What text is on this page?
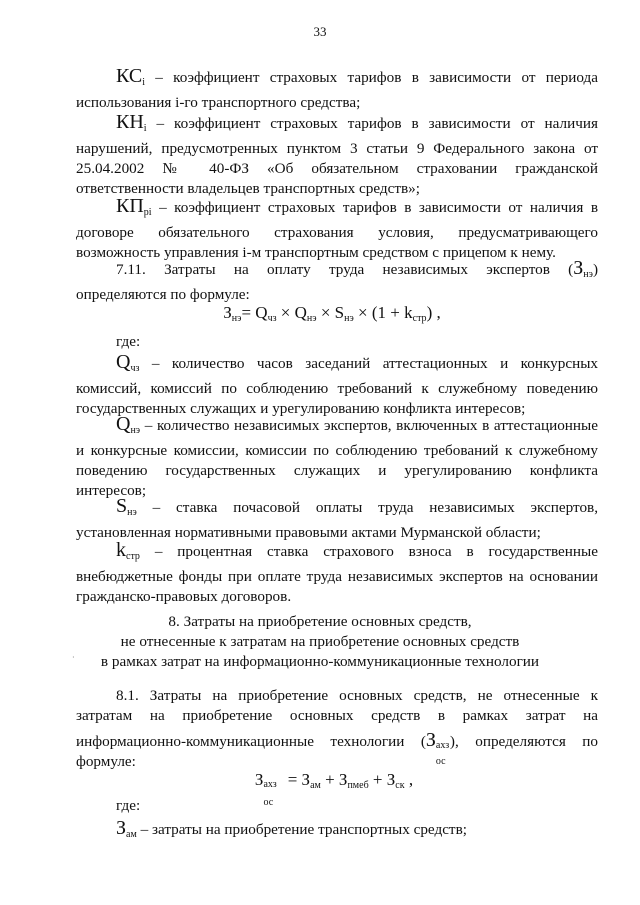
33
$КС_i$ – коэффициент страховых тарифов в зависимости от периода
использования i-го транспортного средства;
$КН_i$ – коэффициент страховых тарифов в зависимости от наличия
нарушений, предусмотренных пунктом 3 статьи 9 Федерального закона от
25.04.2002 № 40-ФЗ «Об обязательном страховании гражданской
ответственности владельцев транспортных средств»;
$КП_{pi}$ – коэффициент страховых тарифов в зависимости от наличия в
договоре обязательного страхования условия, предусматривающего
возможность управления i-м транспортным средством с прицепом к нему.
7.11. Затраты на оплату труда независимых экспертов $(З_{нэ})$
определяются по формуле:
$З_{нэ}= Q_{чз} \times Q_{нэ} \times S_{нэ} \times (1 + k_{стр})$ ,
где:
$Q_{чз}$ – количество часов заседаний аттестационных и конкурсных
комиссий, комиссий по соблюдению требований к служебному поведению
государственных служащих и урегулированию конфликта интересов;
$Q_{нэ}$ – количество независимых экспертов, включенных в аттестационные
и конкурсные комиссии, комиссии по соблюдению требований к служебному
поведению государственных служащих и урегулированию конфликта
интересов;
$S_{нэ}$ – ставка почасовой оплаты труда независимых экспертов,
установленная нормативными правовыми актами Мурманской области;
$k_{стр}$ – процентная ставка страхового взноса в государственные
внебюджетные фонды при оплате труда независимых экспертов на основании
гражданско-правовых договоров.
8. Затраты на приобретение основных средств,
не отнесенные к затратам на приобретение основных средств
в рамках затрат на информационно-коммуникационные технологии
·
8.1. Затраты на приобретение основных средств, не отнесенные к
затратам на приобретение основных средств в рамках затрат на
информационно-коммуникационные технологии (З ахз
ос
), определяются по
формуле:
З ахз
ос
= $З_{ам} + З_{пмеб} + З_{ск}$ ,
где:
$З_{ам}$ – затраты на приобретение транспортных средств;
